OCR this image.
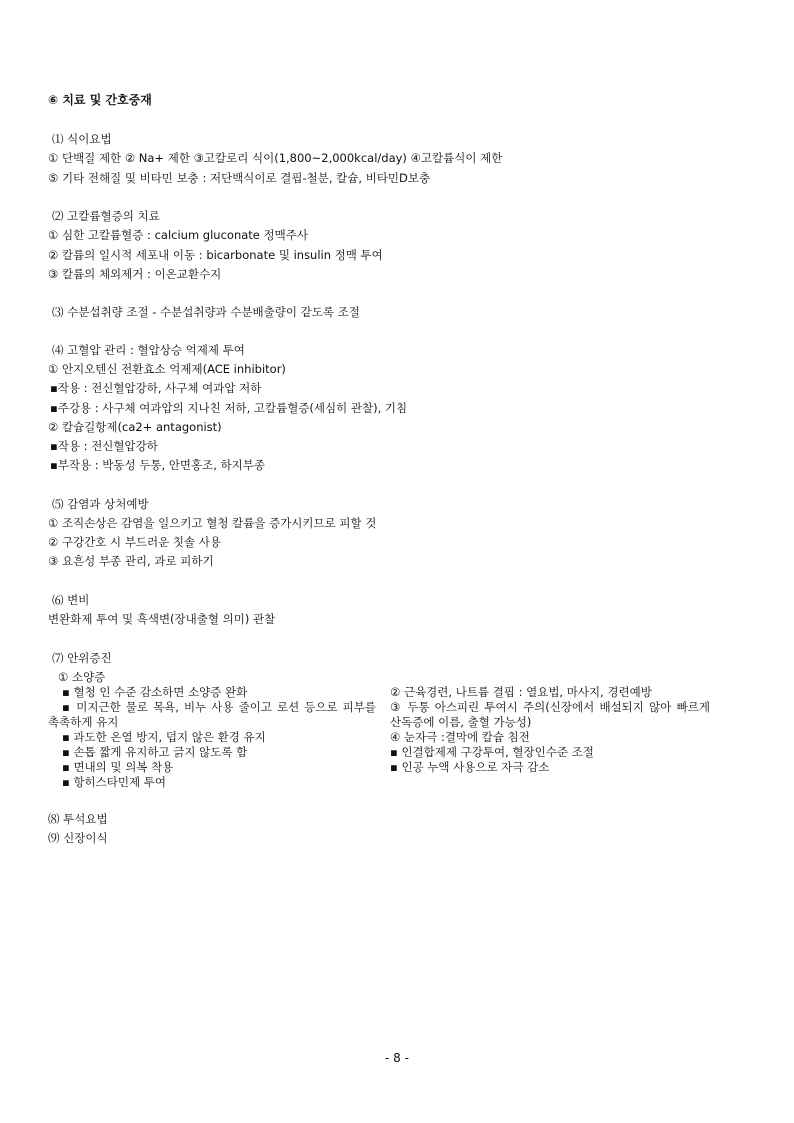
⑥ 치료 및 간호중재
⑴ 식이요법
① 단백질 제한 ② Na+ 제한 ③고칼로리 식이(1,800~2,000kcal/day) ④고칼륨식이 제한
⑤ 기타 전해질 및 비타민 보충 : 저단백식이로 결핍-철분, 칼슘, 비타민D보충
⑵ 고칼륨혈증의 치료
① 심한 고칼륨혈증 : calcium gluconate 정맥주사
② 칼륨의 일시적 세포내 이동 : bicarbonate 및 insulin 정맥 투여
③ 칼륨의 체외제거 : 이온교환수지
⑶ 수분섭취량 조절 - 수분섭취량과 수분배출량이 같도록 조절
⑷ 고혈압 관리 : 혈압상승 억제제 투여
① 안지오텐신 전환효소 억제제(ACE inhibitor)
▪작용 : 전신혈압강하, 사구체 여과압 저하
▪주강용 : 사구체 여과압의 지나친 저하, 고칼륨혈증(세심히 관찰), 기침
② 칼슘길항제(ca2+ antagonist)
▪작용 : 전신혈압강하
▪부작용 : 박동성 두통, 안면홍조, 하지부종
⑸ 감염과 상처예방
① 조직손상은 감염을 일으키고 혈청 칼륨을 증가시키므로 피할 것
② 구강간호 시 부드러운 칫솔 사용
③ 요흔성 부종 관리, 과로 피하기
⑹ 변비
변완화제 투여 및 흑색변(장내출혈 의미) 관찰
⑺ 안위증진
① 소양증
▪ 혈청 인 수준 감소하면 소양증 완화
▪ 미지근한 물로 목욕, 비누 사용 줄이고 로션 등으로 피부를 촉촉하게 유지
▪ 과도한 온열 방지, 덥지 않은 환경 유지
▪ 손톱 짧게 유지하고 긁지 않도록 함
▪ 면내의 및 의복 착용
▪ 항히스타민제 투여
② 근육경련, 나트륨 결핍 : 열요법, 마사지, 경련예방
③ 두통 아스피린 투여시 주의(신장에서 배설되지 않아 빠르게 산독증에 이름, 출혈 가능성)
④ 눈자극 :결막에 칼슘 침전
▪ 인결합제제 구강투여, 혈장인수준 조절
▪ 인공 누액 사용으로 자극 감소
⑻ 투석요법
⑼ 신장이식
- 8 -
